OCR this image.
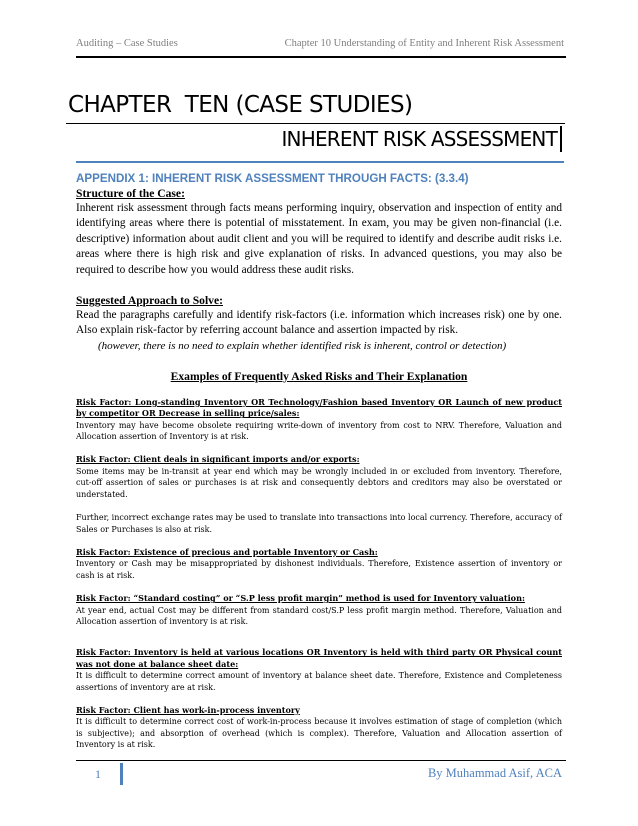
Auditing – Case Studies	Chapter 10 Understanding of Entity and Inherent Risk Assessment
CHAPTER  TEN (CASE STUDIES)
INHERENT RISK ASSESSMENT

APPENDIX 1: INHERENT RISK ASSESSMENT THROUGH FACTS: (3.3.4)

Structure of the Case:

Inherent risk assessment through facts means performing inquiry, observation and inspection of entity and identifying areas where there is potential of misstatement. In exam, you may be given non-financial (i.e. descriptive) information about audit client and you will be required to identify and describe audit risks i.e. areas where there is high risk and give explanation of risks. In advanced questions, you may also be required to describe how you would address these audit risks.

Suggested Approach to Solve:

Read the paragraphs carefully and identify risk-factors (i.e. information which increases risk) one by one. Also explain risk-factor by referring account balance and assertion impacted by risk.

(however, there is no need to explain whether identified risk is inherent, control or detection)

Examples of Frequently Asked Risks and Their Explanation

Risk Factor: Long-standing Inventory OR Technology/Fashion based Inventory OR Launch of new product by competitor OR Decrease in selling price/sales:

Inventory may have become obsolete requiring write-down of inventory from cost to NRV. Therefore, Valuation and Allocation assertion of Inventory is at risk.

Risk Factor: Client deals in significant imports and/or exports:

Some items may be in-transit at year end which may be wrongly included in or excluded from inventory. Therefore, cut-off assertion of sales or purchases is at risk and consequently debtors and creditors may also be overstated or understated.

Further, incorrect exchange rates may be used to translate into transactions into local currency. Therefore, accuracy of Sales or Purchases is also at risk.

Risk Factor: Existence of precious and portable Inventory or Cash:

Inventory or Cash may be misappropriated by dishonest individuals. Therefore, Existence assertion of inventory or cash is at risk.

Risk Factor: “Standard costing” or “S.P less profit margin” method is used for Inventory valuation:

At year end, actual Cost may be different from standard cost/S.P less profit margin method. Therefore, Valuation and Allocation assertion of inventory is at risk.

Risk Factor: Inventory is held at various locations OR Inventory is held with third party OR Physical count was not done at balance sheet date:

It is difficult to determine correct amount of inventory at balance sheet date. Therefore, Existence and Completeness assertions of inventory are at risk.

Risk Factor: Client has work-in-process inventory

It is difficult to determine correct cost of work-in-process because it involves estimation of stage of completion (which is subjective); and absorption of overhead (which is complex). Therefore, Valuation and Allocation assertion of Inventory is at risk.

1	By Muhammad Asif, ACA
